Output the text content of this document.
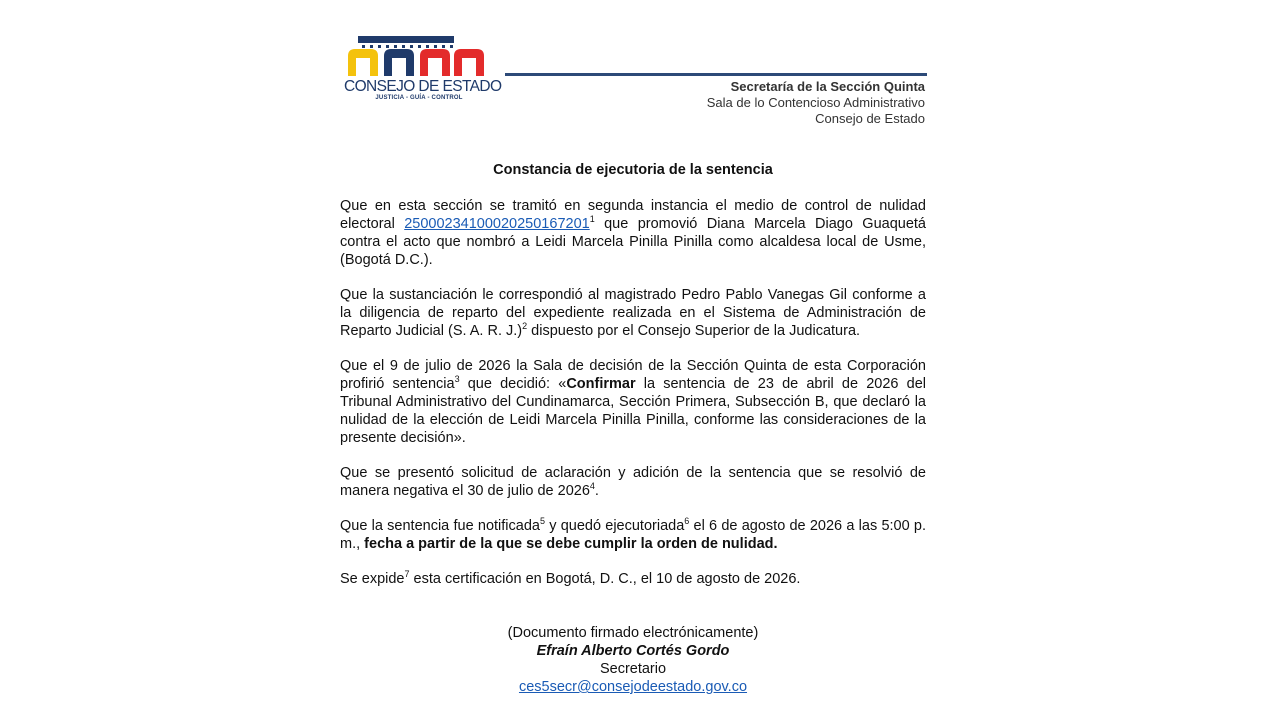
CONSEJO DE ESTADO
JUSTICIA - GUÍA - CONTROL
Secretaría de la Sección Quinta
Sala de lo Contencioso Administrativo
Consejo de Estado
Constancia de ejecutoria de la sentencia

Que en esta sección se tramitó en segunda instancia el medio de control de nulidad electoral 25000234100020250167201$^1$ que promovió Diana Marcela Diago Guaquetá contra el acto que nombró a Leidi Marcela Pinilla Pinilla como alcaldesa local de Usme, (Bogotá D.C.).

Que la sustanciación le correspondió al magistrado Pedro Pablo Vanegas Gil conforme a la diligencia de reparto del expediente realizada en el Sistema de Administración de Reparto Judicial (S. A. R. J.)$^2$ dispuesto por el Consejo Superior de la Judicatura.

Que el 9 de julio de 2026 la Sala de decisión de la Sección Quinta de esta Corporación profirió sentencia$^3$ que decidió: «Confirmar la sentencia de 23 de abril de 2026 del Tribunal Administrativo del Cundinamarca, Sección Primera, Subsección B, que declaró la nulidad de la elección de Leidi Marcela Pinilla Pinilla, conforme las consideraciones de la presente decisión».

Que se presentó solicitud de aclaración y adición de la sentencia que se resolvió de manera negativa el 30 de julio de 2026$^4$.

Que la sentencia fue notificada$^5$ y quedó ejecutoriada$^6$ el 6 de agosto de 2026 a las 5:00 p. m., fecha a partir de la que se debe cumplir la orden de nulidad.

Se expide$^7$ esta certificación en Bogotá, D. C., el 10 de agosto de 2026.

(Documento firmado electrónicamente)
Efraín Alberto Cortés Gordo
Secretario
ces5secr@consejodeestado.gov.co
